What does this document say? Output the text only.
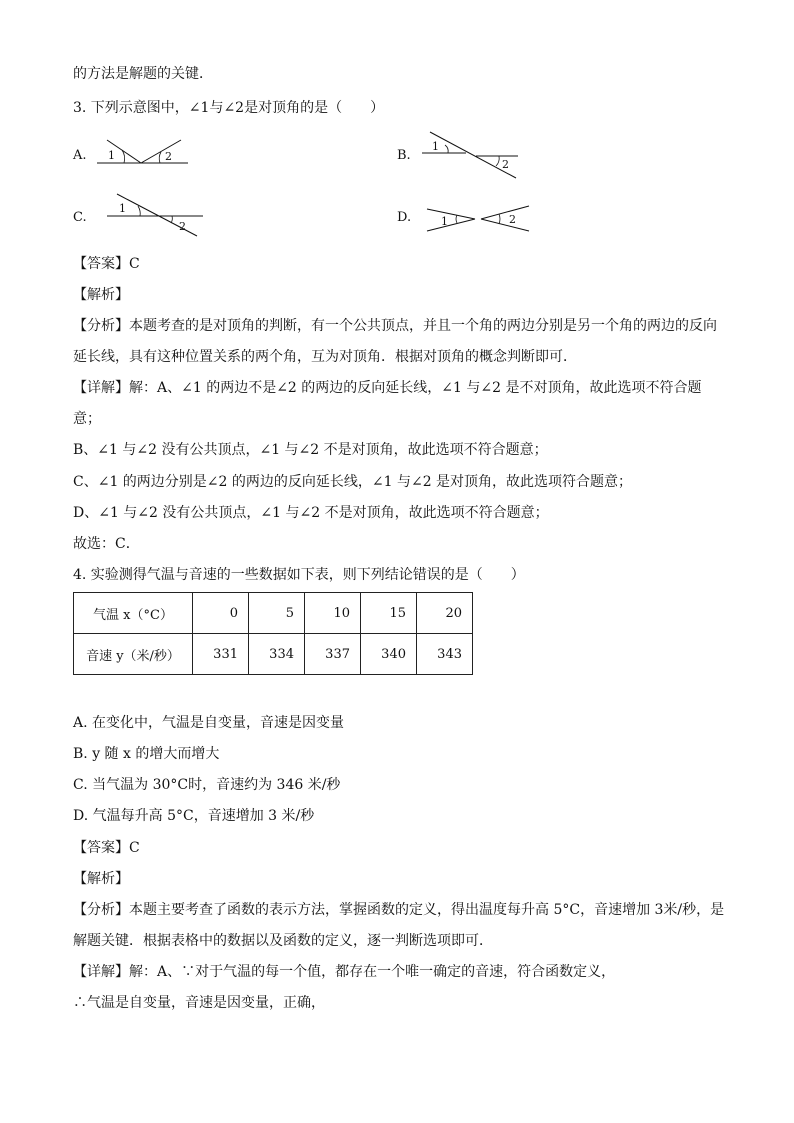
的方法是解题的关键．
3. 下列示意图中，∠1与∠2是对顶角的是（　　）
A.	B.
C.	D.
1	2
1
2
1
2	1	2
【答案】C
【解析】
【分析】本题考查的是对顶角的判断，有一个公共顶点，并且一个角的两边分别是另一个角的两边的反向
延长线，具有这种位置关系的两个角，互为对顶角．根据对顶角的概念判断即可．
【详解】解：A、∠1 的两边不是∠2 的两边的反向延长线，∠1 与∠2 是不对顶角，故此选项不符合题
意；
B、∠1 与∠2 没有公共顶点，∠1 与∠2 不是对顶角，故此选项不符合题意；
C、∠1 的两边分别是∠2 的两边的反向延长线，∠1 与∠2 是对顶角，故此选项符合题意；
D、∠1 与∠2 没有公共顶点，∠1 与∠2 不是对顶角，故此选项不符合题意；
故选：C．
4. 实验测得气温与音速的一些数据如下表，则下列结论错误的是（　　）
气温 x（°C）	0	5	10	15	20
音速 y（米/秒）	331	334	337	340	343
A. 在变化中，气温是自变量，音速是因变量
B. y 随 x 的增大而增大
C. 当气温为 30°C时，音速约为 346 米/秒
D. 气温每升高 5°C，音速增加 3 米/秒
【答案】C
【解析】
【分析】本题主要考查了函数的表示方法，掌握函数的定义，得出温度每升高 5°C，音速增加 3米/秒，是
解题关键．根据表格中的数据以及函数的定义，逐一判断选项即可．
【详解】解：A、∵对于气温的每一个值，都存在一个唯一确定的音速，符合函数定义，
∴气温是自变量，音速是因变量，正确，
